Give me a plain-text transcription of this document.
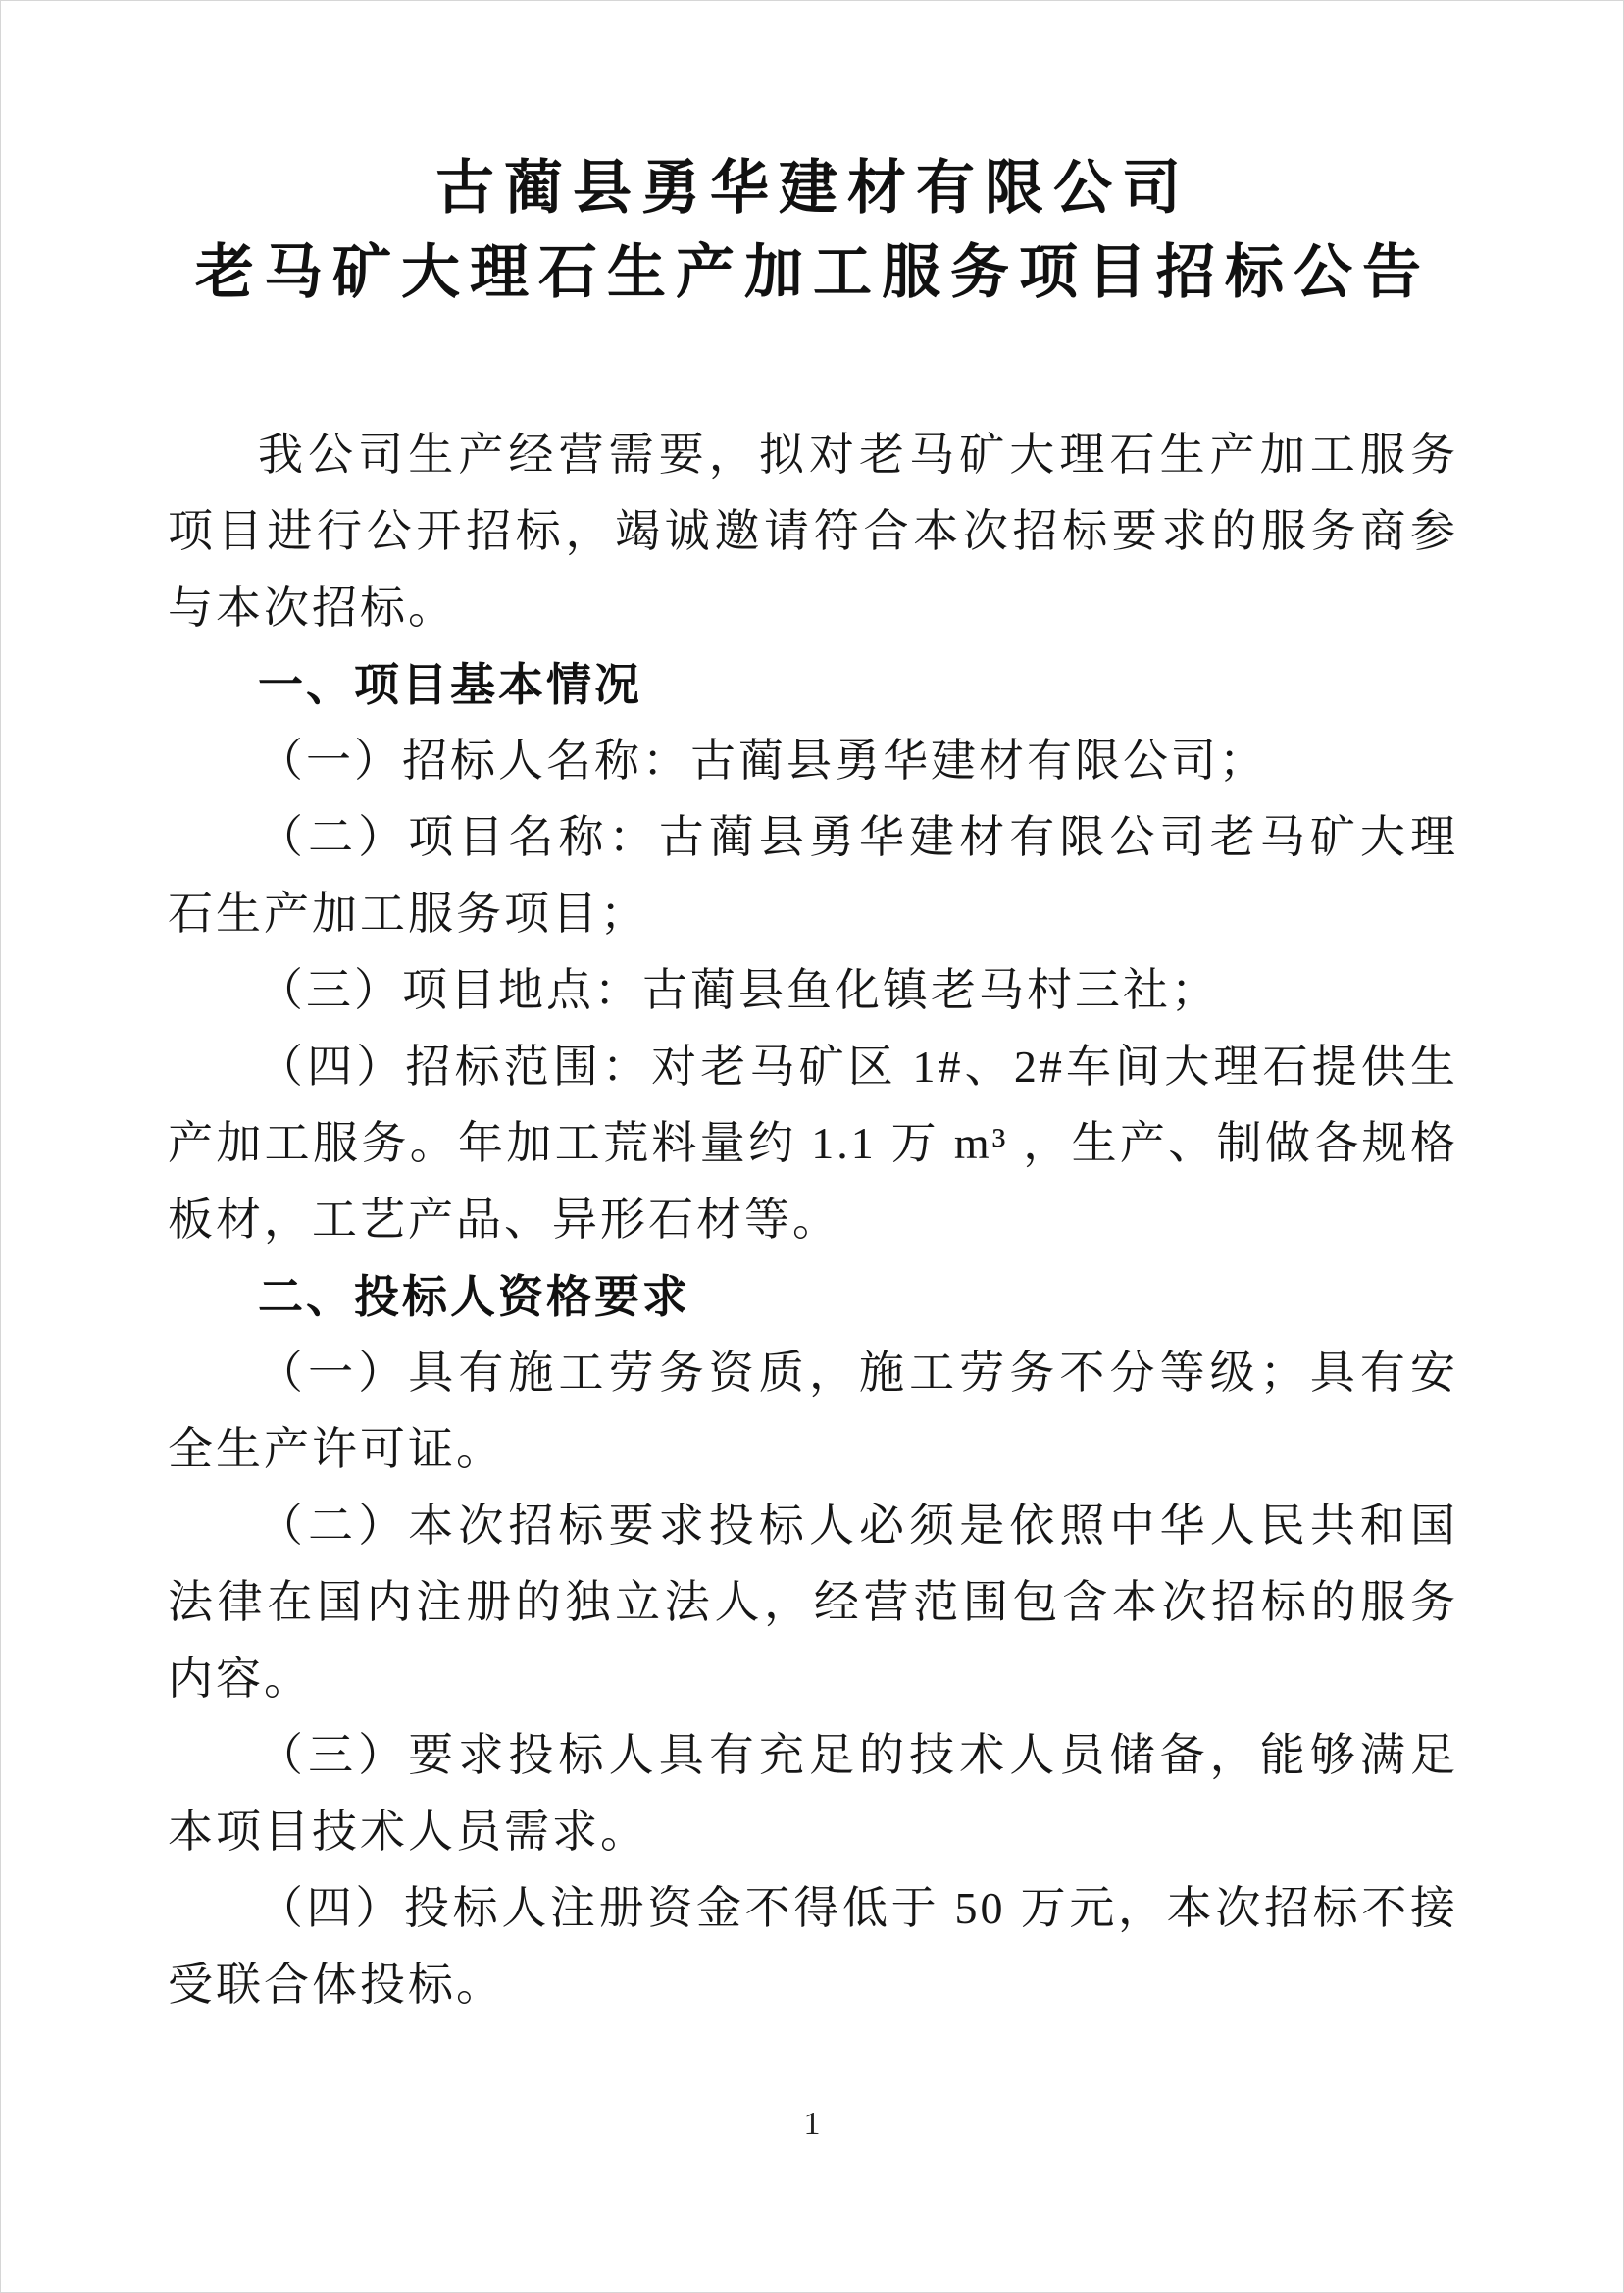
古蔺县勇华建材有限公司
老马矿大理石生产加工服务项目招标公告

我公司生产经营需要，拟对老马矿大理石生产加工服务项目进行公开招标，竭诚邀请符合本次招标要求的服务商参与本次招标。

一、项目基本情况

（一）招标人名称：古蔺县勇华建材有限公司；

（二）项目名称：古蔺县勇华建材有限公司老马矿大理石生产加工服务项目；

（三）项目地点：古蔺县鱼化镇老马村三社；

（四）招标范围：对老马矿区 1#、2#车间大理石提供生产加工服务。年加工荒料量约 1.1 万 m³ ，生产、制做各规格板材，工艺产品、异形石材等。

二、投标人资格要求

（一）具有施工劳务资质，施工劳务不分等级；具有安全生产许可证。

（二）本次招标要求投标人必须是依照中华人民共和国法律在国内注册的独立法人，经营范围包含本次招标的服务内容。

（三）要求投标人具有充足的技术人员储备，能够满足本项目技术人员需求。

（四）投标人注册资金不得低于 50 万元，本次招标不接受联合体投标。

1
